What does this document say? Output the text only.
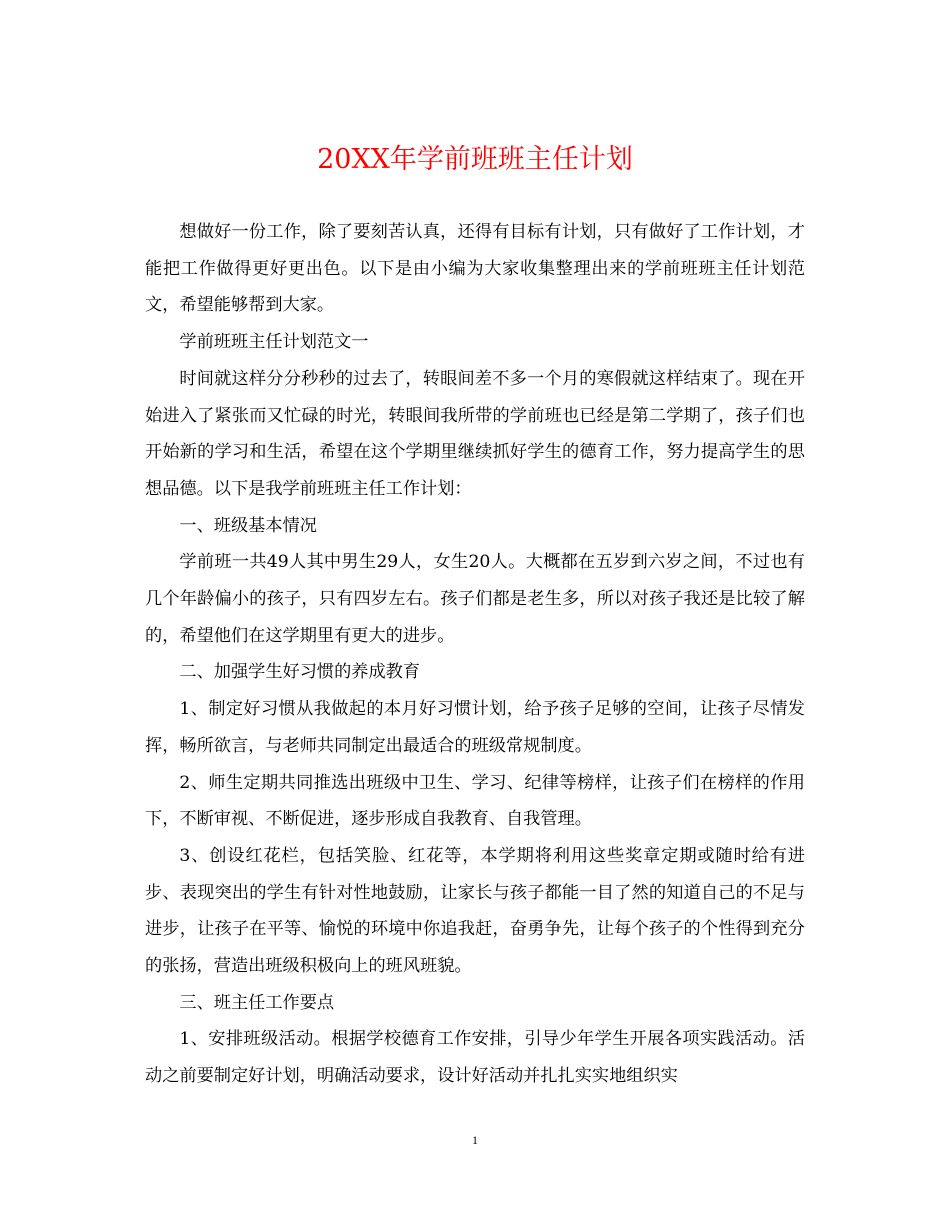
20XX年学前班班主任计划

想做好一份工作，除了要刻苦认真，还得有目标有计划，只有做好了工作计划，才能把工作做得更好更出色。以下是由小编为大家收集整理出来的学前班班主任计划范文，希望能够帮到大家。

学前班班主任计划范文一

时间就这样分分秒秒的过去了，转眼间差不多一个月的寒假就这样结束了。现在开始进入了紧张而又忙碌的时光，转眼间我所带的学前班也已经是第二学期了，孩子们也开始新的学习和生活，希望在这个学期里继续抓好学生的德育工作，努力提高学生的思想品德。以下是我学前班班主任工作计划：

一、班级基本情况

学前班一共49人其中男生29人，女生20人。大概都在五岁到六岁之间，不过也有几个年龄偏小的孩子，只有四岁左右。孩子们都是老生多，所以对孩子我还是比较了解的，希望他们在这学期里有更大的进步。

二、加强学生好习惯的养成教育

1、制定好习惯从我做起的本月好习惯计划，给予孩子足够的空间，让孩子尽情发挥，畅所欲言，与老师共同制定出最适合的班级常规制度。

2、师生定期共同推选出班级中卫生、学习、纪律等榜样，让孩子们在榜样的作用下，不断审视、不断促进，逐步形成自我教育、自我管理。

3、创设红花栏，包括笑脸、红花等，本学期将利用这些奖章定期或随时给有进步、表现突出的学生有针对性地鼓励，让家长与孩子都能一目了然的知道自己的不足与进步，让孩子在平等、愉悦的环境中你追我赶，奋勇争先，让每个孩子的个性得到充分的张扬，营造出班级积极向上的班风班貌。

三、班主任工作要点

1、安排班级活动。根据学校德育工作安排，引导少年学生开展各项实践活动。活动之前要制定好计划，明确活动要求，设计好活动并扎扎实实地组织实

1
